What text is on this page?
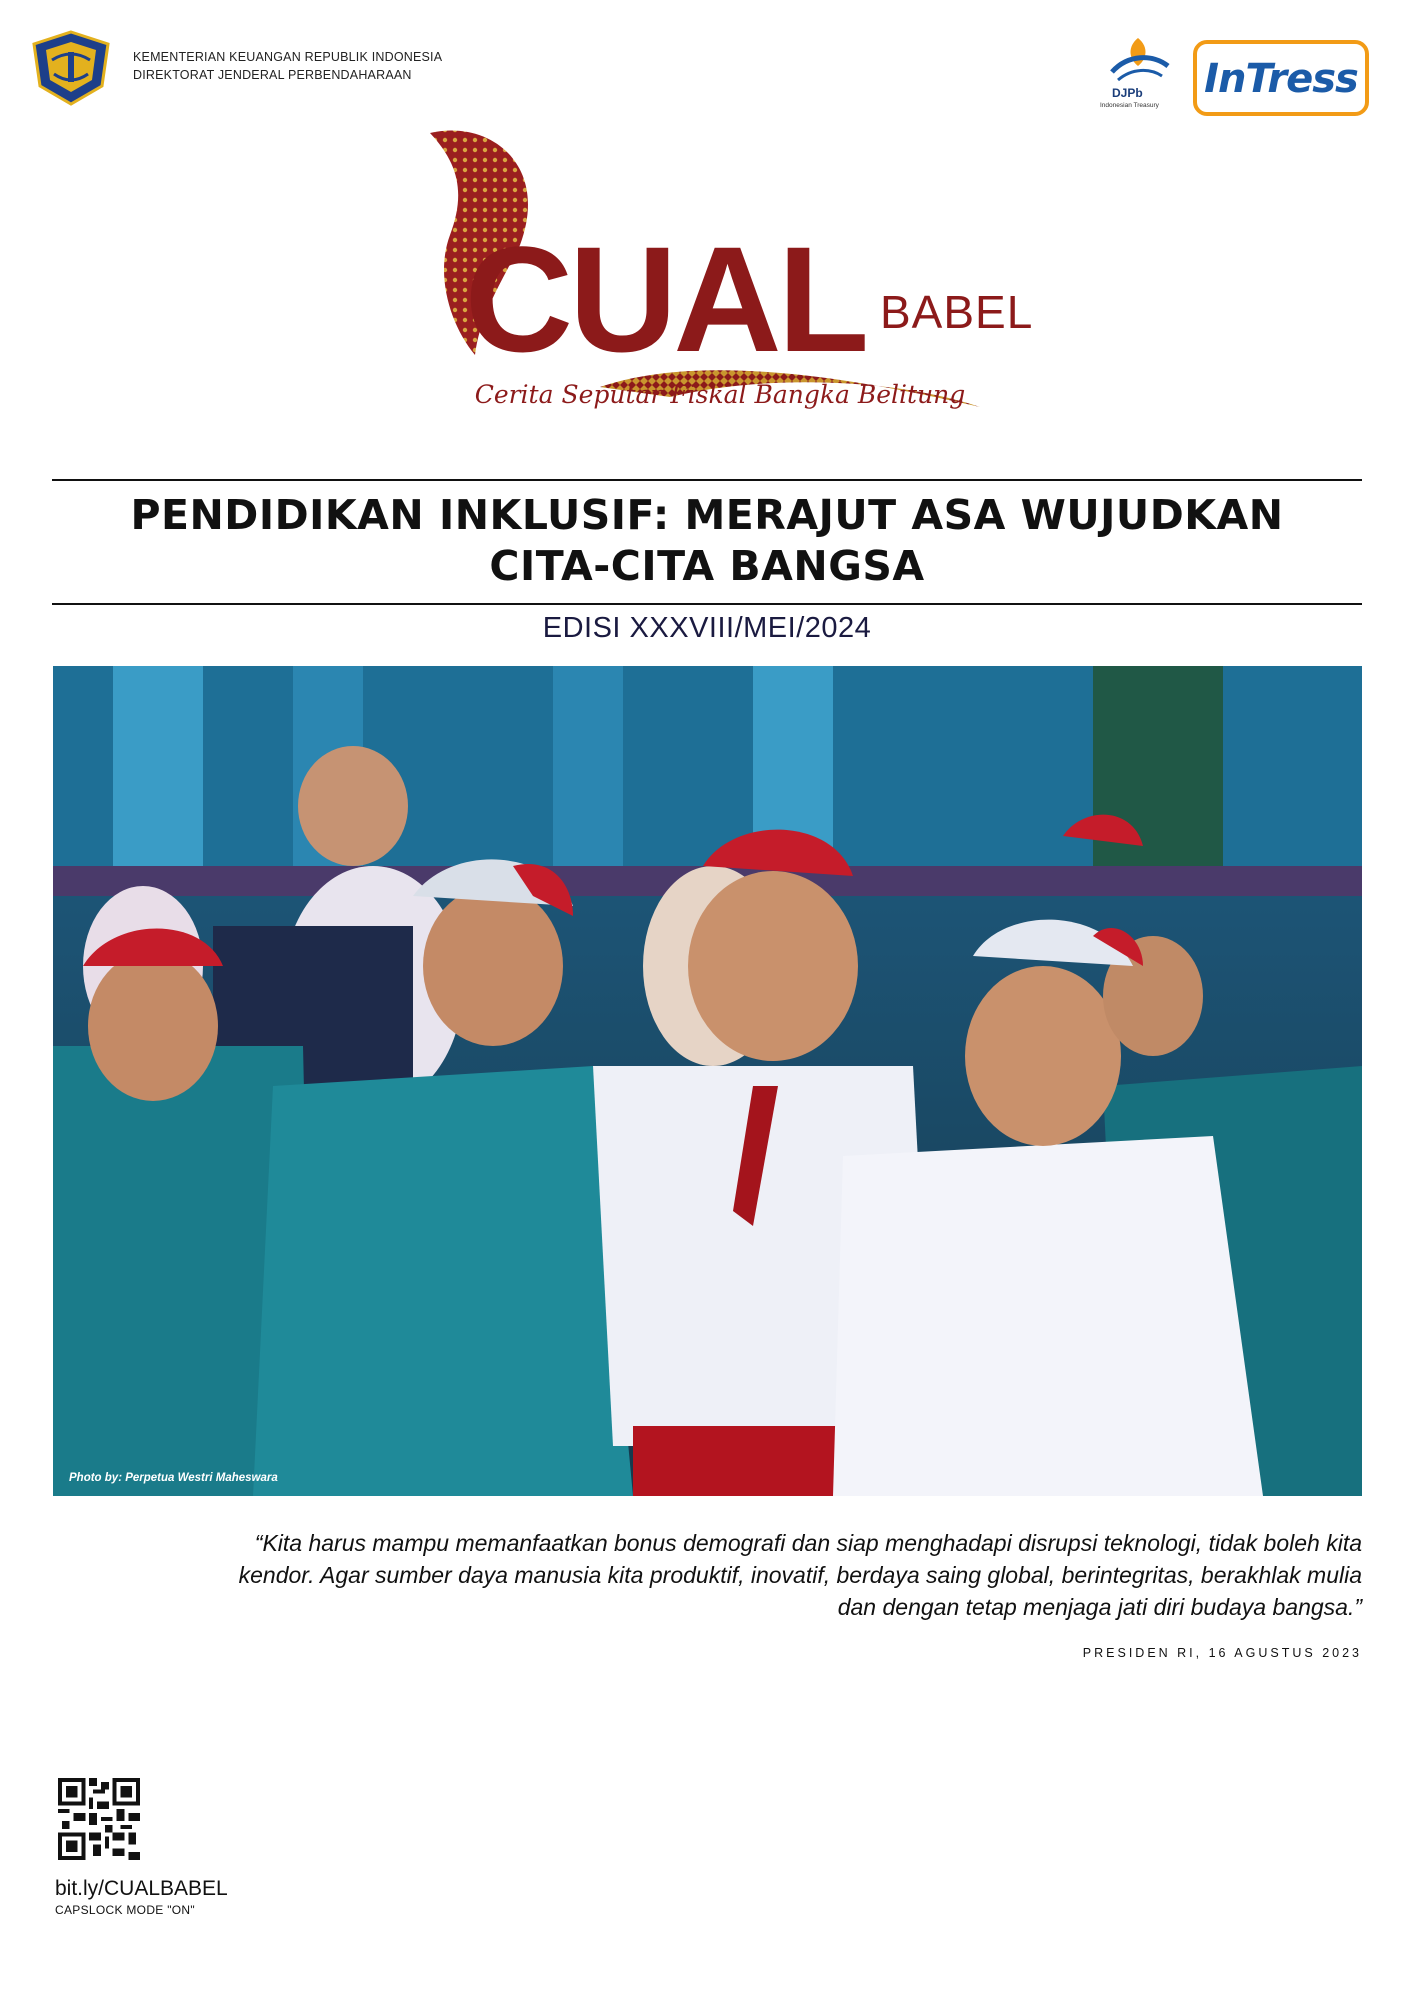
KEMENTERIAN KEUANGAN REPUBLIK INDONESIA
DIREKTORAT JENDERAL PERBENDAHARAAN
DJPb
Indonesian Treasury
InTress
CUAL BABEL
Cerita Seputar Fiskal Bangka Belitung
PENDIDIKAN INKLUSIF: MERAJUT ASA WUJUDKAN
CITA-CITA BANGSA
EDISI XXXVIII/MEI/2024
Photo by: Perpetua Westri Maheswara
“Kita harus mampu memanfaatkan bonus demografi dan siap menghadapi disrupsi teknologi, tidak boleh kita
kendor. Agar sumber daya manusia kita produktif, inovatif, berdaya saing global, berintegritas, berakhlak mulia
dan dengan tetap menjaga jati diri budaya bangsa.”
PRESIDEN RI, 16 AGUSTUS 2023
bit.ly/CUALBABEL
CAPSLOCK MODE "ON"
